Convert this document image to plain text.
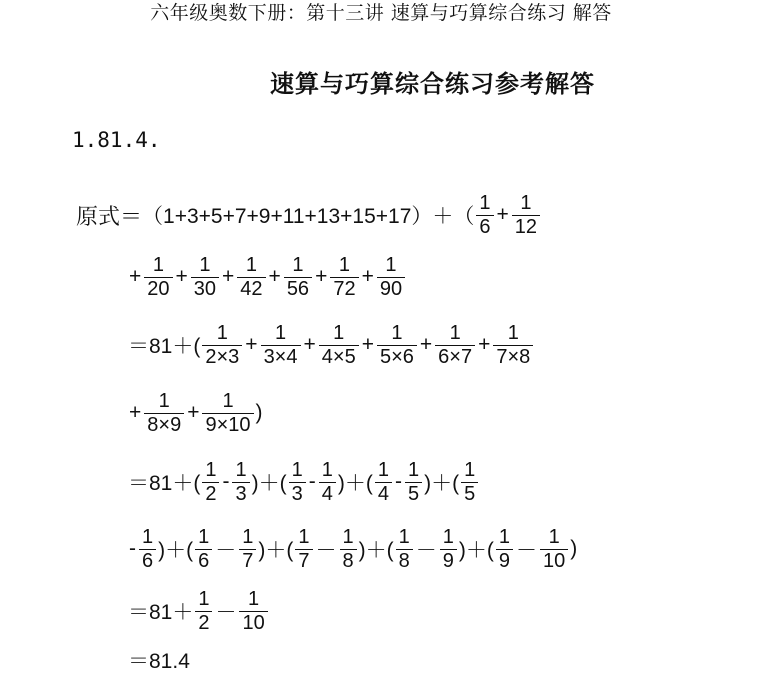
六年级奥数下册：第十三讲 速算与巧算综合练习 解答
速算与巧算综合练习参考解答
1.81.4.
原式＝ $(1+3+5+7+9+11+13+15+17)+( \frac{1}{6} + \frac{1}{12}$
+ $\frac{1}{20} + \frac{1}{30} + \frac{1}{42} + \frac{1}{56} + \frac{1}{72} + \frac{1}{90}$
$=81+( \frac{1}{2\times 3} + \frac{1}{3\times 4} + \frac{1}{4\times 5} + \frac{1}{5\times 6} + \frac{1}{6\times 7} + \frac{1}{7\times 8}$
+ $\frac{1}{8\times 9} + \frac{1}{9\times 10}$ )
$=81+( \frac{1}{2} - \frac{1}{3}$ )＋( $\frac{1}{3} - \frac{1}{4}$ )＋( $\frac{1}{4} - \frac{1}{5}$ )＋( $\frac{1}{5}$
- $\frac{1}{6}$ )＋( $\frac{1}{6} - \frac{1}{7}$ )＋( $\frac{1}{7} - \frac{1}{8}$ )＋( $\frac{1}{8} - \frac{1}{9}$ )＋( $\frac{1}{9} - \frac{1}{10}$ )
$=81+ \frac{1}{2} - \frac{1}{10}$
＝81.4
